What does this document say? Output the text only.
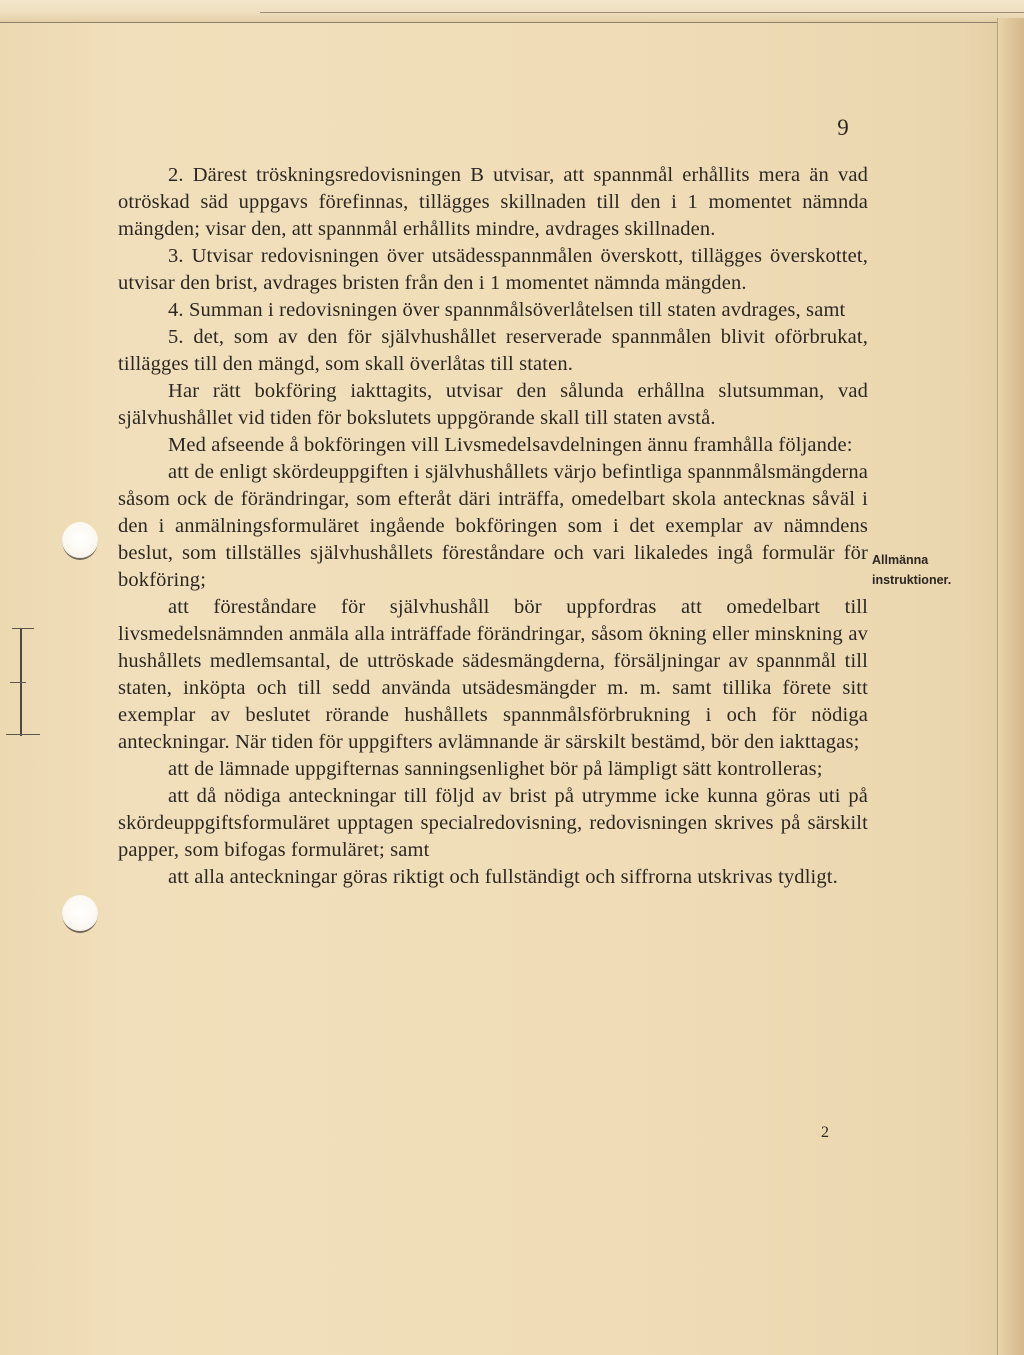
9

2. Därest tröskningsredovisningen B utvisar, att spannmål erhållits mera än vad otröskad säd uppgavs förefinnas, tillägges skillnaden till den i 1 momentet nämnda mängden; visar den, att spannmål erhållits mindre, avdrages skillnaden.

3. Utvisar redovisningen över utsädesspannmålen överskott, tillägges överskottet, utvisar den brist, avdrages bristen från den i 1 momentet nämnda mängden.

4. Summan i redovisningen över spannmålsöverlåtelsen till staten avdrages, samt

5. det, som av den för självhushållet reserverade spannmålen blivit oförbrukat, tillägges till den mängd, som skall överlåtas till staten.

Har rätt bokföring iakttagits, utvisar den sålunda erhållna slutsumman, vad självhushållet vid tiden för bokslutets uppgörande skall till staten avstå.

Med afseende å bokföringen vill Livsmedelsavdelningen ännu framhålla följande:

att de enligt skördeuppgiften i självhushållets värjo befintliga spannmålsmängderna såsom ock de förändringar, som efteråt däri inträffa, omedelbart skola antecknas såväl i den i anmälningsformuläret ingående bokföringen som i det exemplar av nämndens beslut, som tillställes självhushållets föreståndare och vari likaledes ingå formulär för bokföring;

att föreståndare för självhushåll bör uppfordras att omedelbart till livsmedelsnämnden anmäla alla inträffade förändringar, såsom ökning eller minskning av hushållets medlemsantal, de uttröskade sädesmängderna, försäljningar av spannmål till staten, inköpta och till sedd använda utsädesmängder m. m. samt tillika förete sitt exemplar av beslutet rörande hushållets spannmålsförbrukning i och för nödiga anteckningar. När tiden för uppgifters avlämnande är särskilt bestämd, bör den iakttagas;

att de lämnade uppgifternas sanningsenlighet bör på lämpligt sätt kontrolleras;

att då nödiga anteckningar till följd av brist på utrymme icke kunna göras uti på skördeuppgiftsformuläret upptagen specialredovisning, redovisningen skrives på särskilt papper, som bifogas formuläret; samt

att alla anteckningar göras riktigt och fullständigt och siffrorna utskrivas tydligt.

Allmänna
instruktioner.
2
